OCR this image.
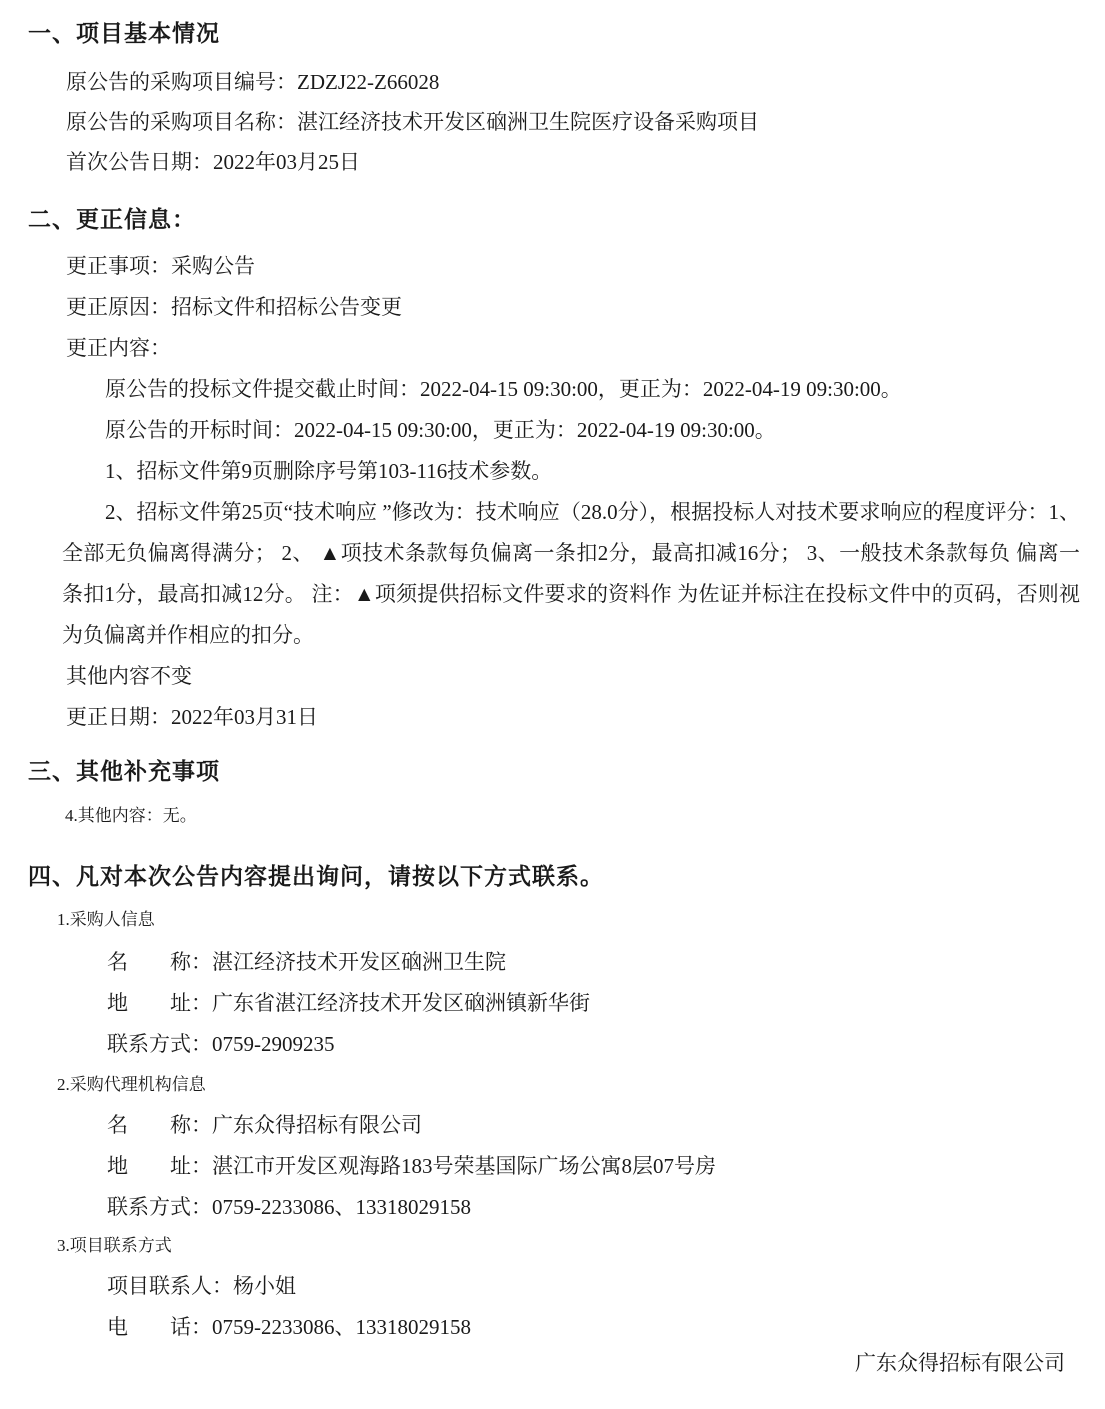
一、项目基本情况
原公告的采购项目编号：ZDZJ22-Z66028
原公告的采购项目名称：湛江经济技术开发区硇洲卫生院医疗设备采购项目
首次公告日期：2022年03月25日
二、更正信息：
更正事项：采购公告
更正原因：招标文件和招标公告变更
更正内容：
原公告的投标文件提交截止时间：2022-04-15 09:30:00，更正为：2022-04-19 09:30:00。
原公告的开标时间：2022-04-15 09:30:00，更正为：2022-04-19 09:30:00。
1、招标文件第9页删除序号第103-116技术参数。
2、招标文件第25页“技术响应 ”修改为：技术响应（28.0分），根据投标人对技术要求响应的程度评分：1、全部无负偏离得满分； 2、 ▲项技术条款每负偏离一条扣2分，最高扣减16分； 3、一般技术条款每负 偏离一条扣1分，最高扣减12分。 注：▲项须提供招标文件要求的资料作 为佐证并标注在投标文件中的页码，否则视为负偏离并作相应的扣分。
其他内容不变
更正日期：2022年03月31日
三、其他补充事项
4.其他内容：无。
四、凡对本次公告内容提出询问，请按以下方式联系。
1.采购人信息
名　　称：湛江经济技术开发区硇洲卫生院
地　　址：广东省湛江经济技术开发区硇洲镇新华街
联系方式：0759-2909235
2.采购代理机构信息
名　　称：广东众得招标有限公司
地　　址：湛江市开发区观海路183号荣基国际广场公寓8层07号房
联系方式：0759-2233086、13318029158
3.项目联系方式
项目联系人：杨小姐
电　　话：0759-2233086、13318029158
广东众得招标有限公司
